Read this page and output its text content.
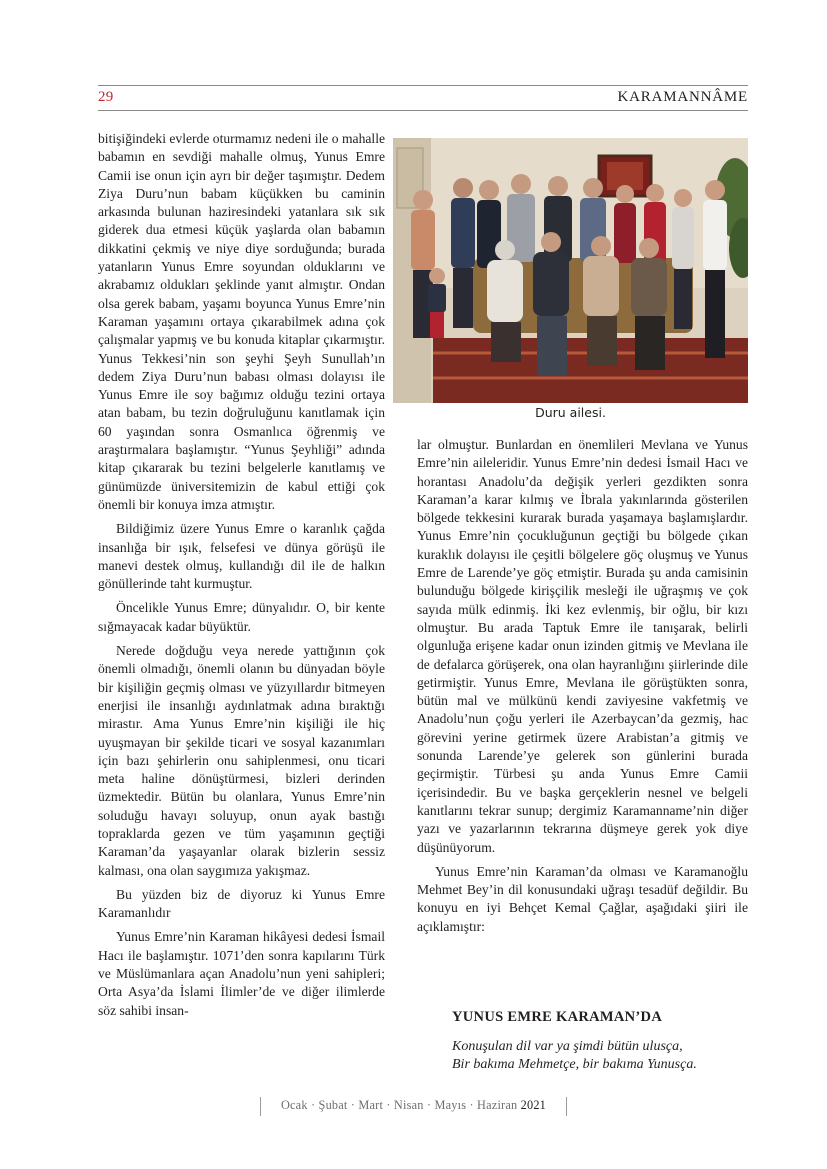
29	KARAMANNÂME

bitişiğindeki evlerde oturmamız nedeni ile o mahalle babamın en sevdiği mahalle olmuş, Yunus Emre Camii ise onun için ayrı bir değer taşımıştır. Dedem Ziya Duru’nun babam küçükken bu caminin arkasında bulunan haziresindeki yatanlara sık sık giderek dua etmesi küçük yaşlarda olan babamın dikkatini çekmiş ve niye diye sorduğunda; burada yatanların Yunus Emre soyundan olduklarını ve akrabamız oldukları şeklinde yanıt almıştır. Ondan olsa gerek babam, yaşamı boyunca Yunus Emre’nin Karaman yaşamını ortaya çıkarabilmek adına çok çalışmalar yapmış ve bu konuda kitaplar çıkarmıştır. Yunus Tekkesi’nin son şeyhi Şeyh Sunullah’ın dedem Ziya Duru’nun babası olması dolayısı ile Yunus Emre ile soy bağımız olduğu tezini ortaya atan babam, bu tezin doğruluğunu kanıtlamak için 60 yaşından sonra Osmanlıca öğrenmiş ve araştırmalara başlamıştır. “Yunus Şeyhliği” adında kitap çıkararak bu tezini belgelerle kanıtlamış ve günümüzde üniversitemizin de kabul ettiği çok önemli bir konuya imza atmıştır.

Bildiğimiz üzere Yunus Emre o karanlık çağda insanlığa bir ışık, felsefesi ve dünya görüşü ile manevi destek olmuş, kullandığı dil ile de halkın gönüllerinde taht kurmuştur.

Öncelikle Yunus Emre; dünyalıdır. O, bir kente sığmayacak kadar büyüktür.

Nerede doğduğu veya nerede yattığının çok önemli olmadığı, önemli olanın bu dünyadan böyle bir kişiliğin geçmiş olması ve yüzyıllardır bitmeyen enerjisi ile insanlığı aydınlatmak adına bıraktığı mirastır. Ama Yunus Emre’nin kişiliği ile hiç uyuşmayan bir şekilde ticari ve sosyal kazanımları için bazı şehirlerin onu sahiplenmesi, onu ticari meta haline dönüştürmesi, bizleri derinden üzmektedir. Bütün bu olanlara, Yunus Emre’nin soluduğu havayı soluyup, onun ayak bastığı topraklarda gezen ve tüm yaşamının geçtiği Karaman’da yaşayanlar olarak bizlerin sessiz kalması, ona olan saygımıza yakışmaz.

Bu yüzden biz de diyoruz ki Yunus Emre Karamanlıdır

Yunus Emre’nin Karaman hikâyesi dedesi İsmail Hacı ile başlamıştır. 1071’den sonra kapılarını Türk ve Müslümanlara açan Anadolu’nun yeni sahipleri; Orta Asya’da İslami İlimler’de ve diğer ilimlerde söz sahibi insan-

Duru ailesi.

lar olmuştur. Bunlardan en önemlileri Mevlana ve Yunus Emre’nin aileleridir. Yunus Emre’nin dedesi İsmail Hacı ve horantası Anadolu’da değişik yerleri gezdikten sonra Karaman’a karar kılmış ve İbrala yakınlarında gösterilen bölgede tekkesini kurarak burada yaşamaya başlamışlardır. Yunus Emre’nin çocukluğunun geçtiği bu bölgede çıkan kuraklık dolayısı ile çeşitli bölgelere göç oluşmuş ve Yunus Emre de Larende’ye göç etmiştir. Burada şu anda camisinin bulunduğu bölgede kirişçilik mesleği ile uğraşmış ve çok sayıda mülk edinmiş. İki kez evlenmiş, bir oğlu, bir kızı olmuştur. Bu arada Taptuk Emre ile tanışarak, belirli olgunluğa erişene kadar onun izinden gitmiş ve Mevlana ile de defalarca görüşerek, ona olan hayranlığını şiirlerinde dile getirmiştir. Yunus Emre, Mevlana ile görüştükten sonra, bütün mal ve mülkünü kendi zaviyesine vakfetmiş ve Anadolu’nun çoğu yerleri ile Azerbaycan’da gezmiş, hac görevini yerine getirmek üzere Arabistan’a gitmiş ve sonunda Larende’ye gelerek son günlerini burada geçirmiştir. Türbesi şu anda Yunus Emre Camii içerisindedir. Bu ve başka gerçeklerin nesnel ve belgeli kanıtlarını tekrar sunup; dergimiz Karamanname’nin diğer yazı ve yazarlarının tekrarına düşmeye gerek yok diye düşünüyorum.

Yunus Emre’nin Karaman’da olması ve Karamanoğlu Mehmet Bey’in dil konusundaki uğraşı tesadüf değildir. Bu konuyu en iyi Behçet Kemal Çağlar, aşağıdaki şiiri ile açıklamıştır:

YUNUS EMRE KARAMAN’DA
Konuşulan dil var ya şimdi bütün ulusça,
Bir bakıma Mehmetçe, bir bakıma Yunusça.
Ocak · Şubat · Mart · Nisan · Mayıs · Haziran 2021
